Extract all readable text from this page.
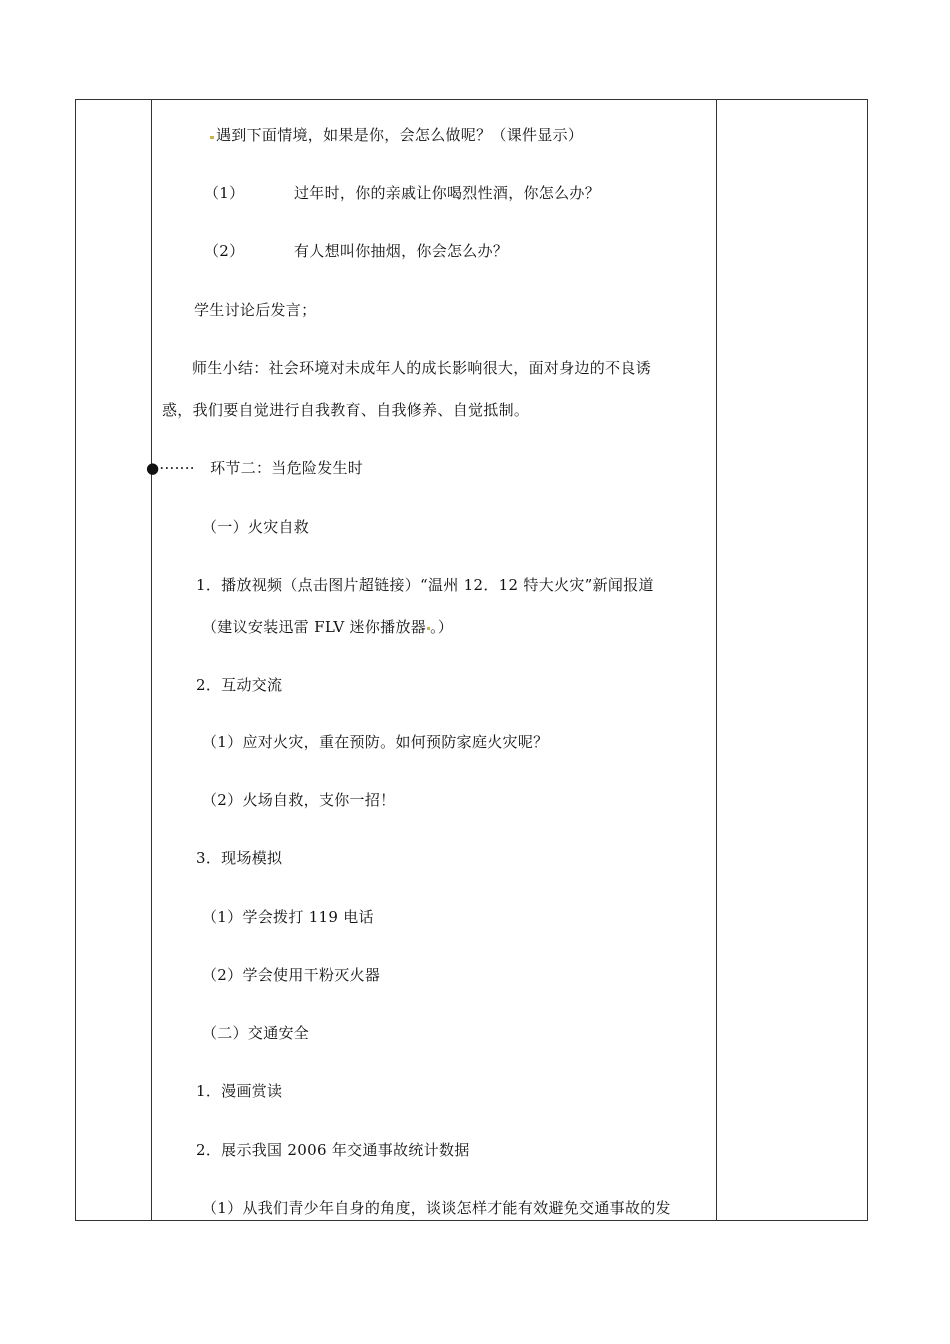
遇到下面情境，如果是你，会怎么做呢？（课件显示）
（1）	过年时，你的亲戚让你喝烈性酒，你怎么办？
（2）	有人想叫你抽烟，你会怎么办？
学生讨论后发言；
师生小结：社会环境对未成年人的成长影响很大，面对身边的不良诱
惑，我们要自觉进行自我教育、自我修养、自觉抵制。
●······· 环节二：当危险发生时
（一）火灾自救
1．播放视频（点击图片超链接）“温州 12．12 特大火灾”新闻报道
（建议安装迅雷 FLV 迷你播放器 。）
2．互动交流
（1）应对火灾，重在预防。如何预防家庭火灾呢？
（2）火场自救，支你一招！
3．现场模拟
（1）学会拨打 119 电话
（2）学会使用干粉灭火器
（二）交通安全
1．漫画赏读
2．展示我国 2006 年交通事故统计数据
（1）从我们青少年自身的角度，谈谈怎样才能有效避免交通事故的发
